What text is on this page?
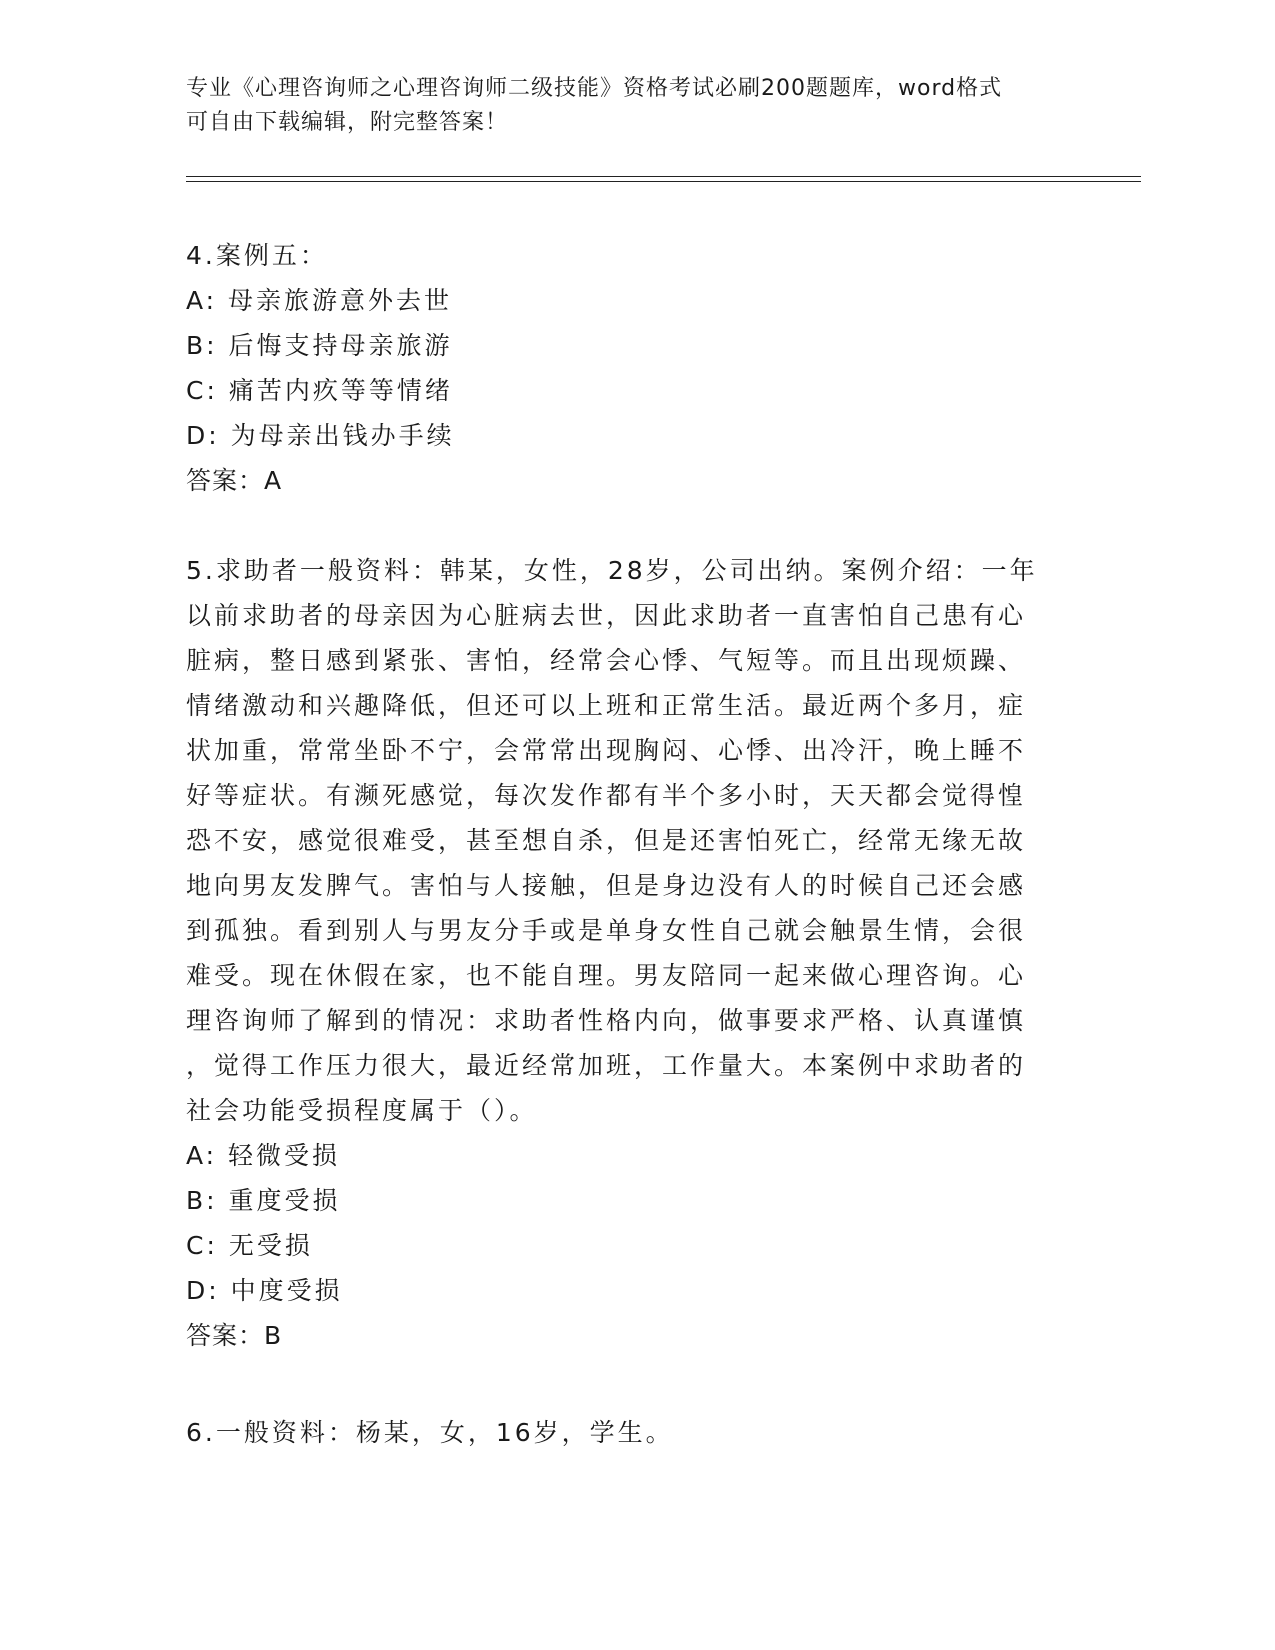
专业《心理咨询师之心理咨询师二级技能》资格考试必刷200题题库，word格式
可自由下载编辑，附完整答案！
4.案例五：
A: 母亲旅游意外去世
B: 后悔支持母亲旅游
C: 痛苦内疚等等情绪
D: 为母亲出钱办手续
答案：A
5.求助者一般资料：韩某，女性，28岁，公司出纳。案例介绍：一年
以前求助者的母亲因为心脏病去世，因此求助者一直害怕自己患有心
脏病，整日感到紧张、害怕，经常会心悸、气短等。而且出现烦躁、
情绪激动和兴趣降低，但还可以上班和正常生活。最近两个多月，症
状加重，常常坐卧不宁，会常常出现胸闷、心悸、出冷汗，晚上睡不
好等症状。有濒死感觉，每次发作都有半个多小时，天天都会觉得惶
恐不安，感觉很难受，甚至想自杀，但是还害怕死亡，经常无缘无故
地向男友发脾气。害怕与人接触，但是身边没有人的时候自己还会感
到孤独。看到别人与男友分手或是单身女性自己就会触景生情，会很
难受。现在休假在家，也不能自理。男友陪同一起来做心理咨询。心
理咨询师了解到的情况：求助者性格内向，做事要求严格、认真谨慎
，觉得工作压力很大，最近经常加班，工作量大。本案例中求助者的
社会功能受损程度属于（）。
A: 轻微受损
B: 重度受损
C: 无受损
D: 中度受损
答案：B
6.一般资料：杨某，女，16岁，学生。
